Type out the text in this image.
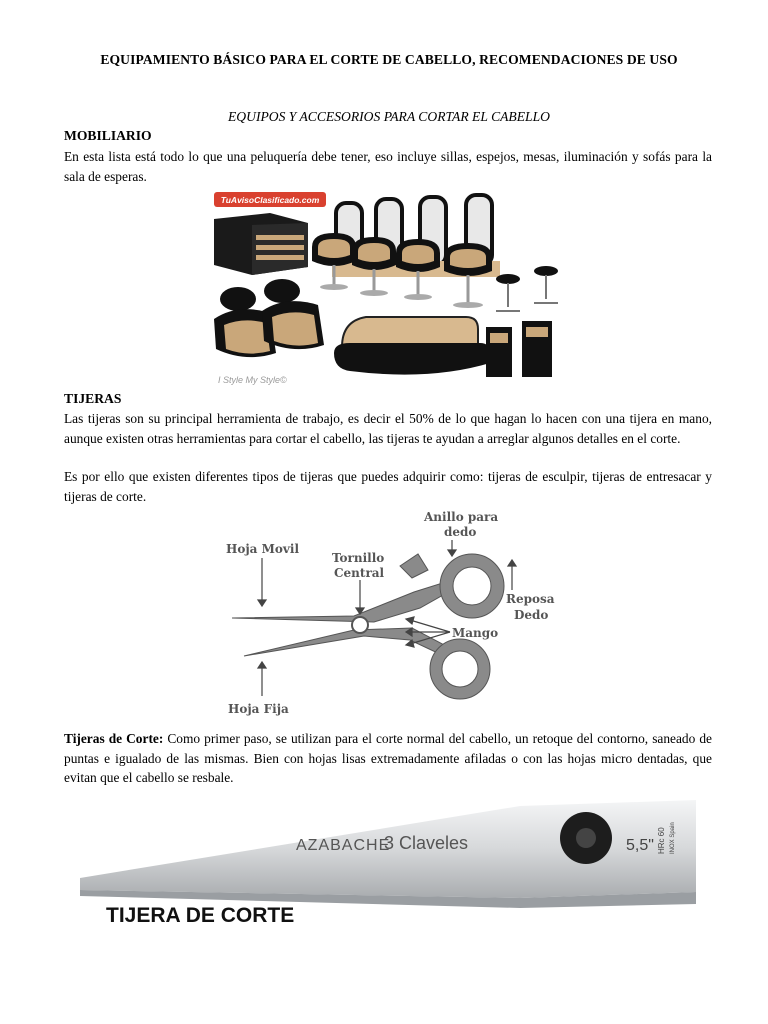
EQUIPAMIENTO BÁSICO PARA EL CORTE DE CABELLO, RECOMENDACIONES DE USO
EQUIPOS Y ACCESORIOS PARA CORTAR EL CABELLO
MOBILIARIO

En esta lista está todo lo que una peluquería debe tener, eso incluye sillas, espejos, mesas, iluminación y sofás para la sala de esperas.

TuAvisoClasificado.com
I Style My Style©
TIJERAS

Las tijeras son su principal herramienta de trabajo, es decir el 50% de lo que hagan lo hacen con una tijera en mano, aunque existen otras herramientas para cortar el cabello, las tijeras te ayudan a arreglar algunos detalles en el corte.

Es por ello que existen diferentes tipos de tijeras que puedes adquirir como: tijeras de esculpir, tijeras de entresacar y tijeras de corte.

Hoja Movil
Tornillo
Central
Anillo para
dedo
Reposa
Dedo
Mango
Hoja Fija

Tijeras de Corte: Como primer paso, se utilizan para el corte normal del cabello, un retoque del contorno, saneado de puntas e igualado de las mismas. Bien con hojas lisas extremadamente afiladas o con las hojas micro dentadas, que evitan que el cabello se resbale.

AZABACHE
3 Claveles	5,5" HRc 60 INOX Spain
TIJERA DE CORTE
